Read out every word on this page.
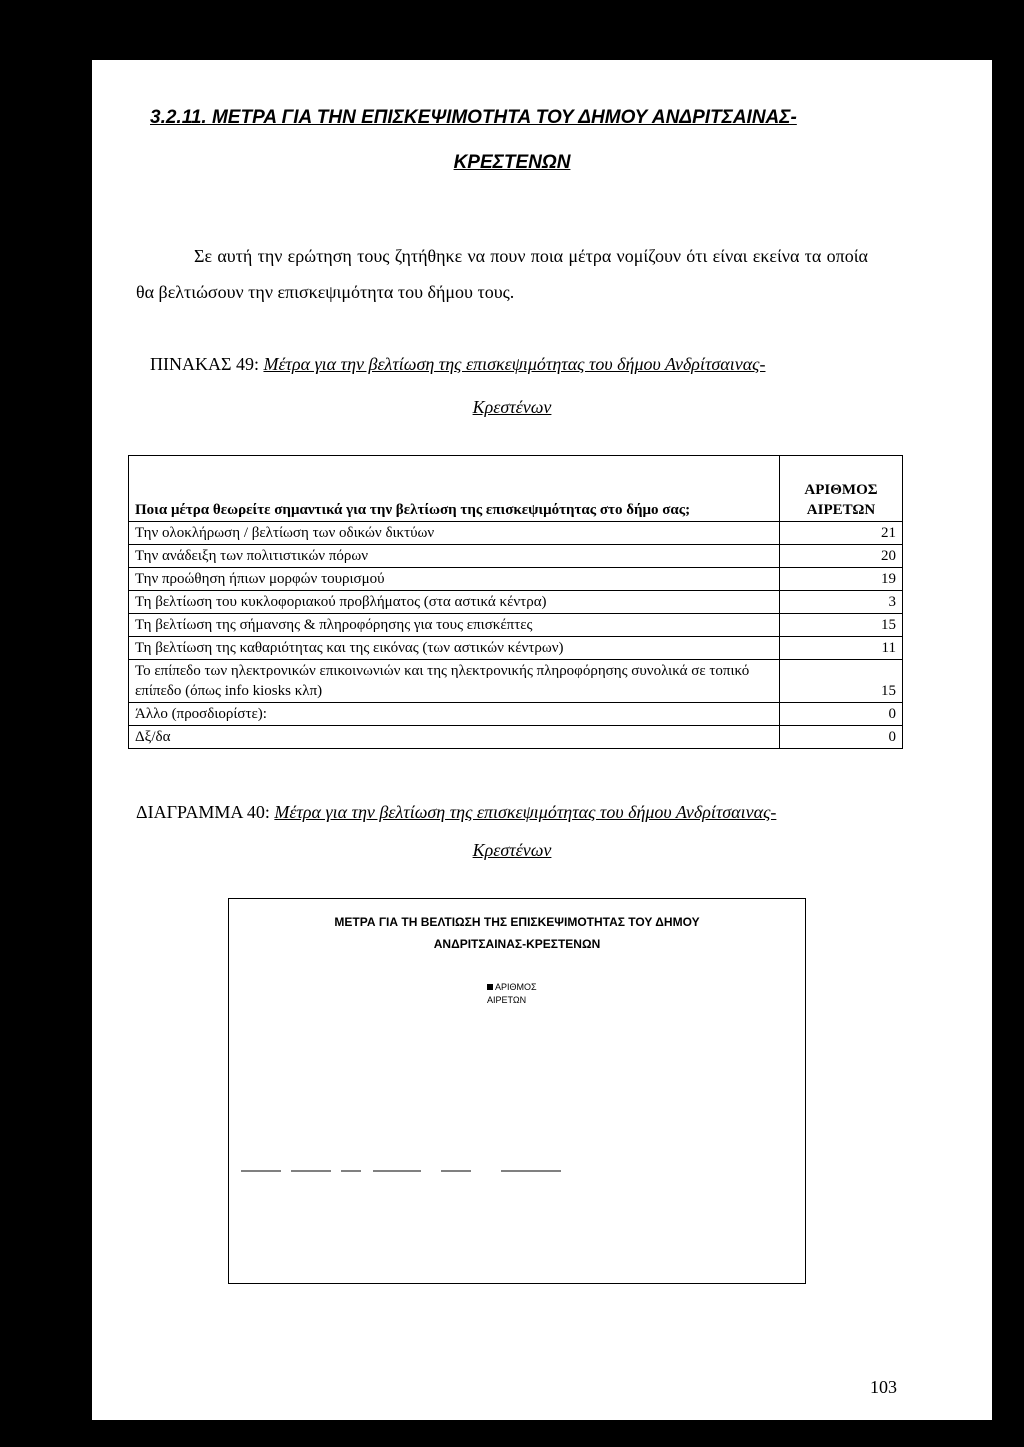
3.2.11. ΜΕΤΡΑ ΓΙΑ ΤΗΝ ΕΠΙΣΚΕΨΙΜΟΤΗΤΑ ΤΟΥ ΔΗΜΟΥ ΑΝΔΡΙΤΣΑΙΝΑΣ-
ΚΡΕΣΤΕΝΩΝ
Σε αυτή την ερώτηση τους ζητήθηκε να πουν ποια μέτρα νομίζουν ότι είναι εκείνα τα οποία θα βελτιώσουν την επισκεψιμότητα του δήμου τους.
ΠΙΝΑΚΑΣ 49: Μέτρα για την βελτίωση της επισκεψιμότητας του δήμου Ανδρίτσαινας-
Κρεστένων
Ποια μέτρα θεωρείτε σημαντικά για την βελτίωση της επισκεψιμότητας στο δήμο σας;	ΑΡΙΘΜΟΣ ΑΙΡΕΤΩΝ
Την ολοκλήρωση / βελτίωση των οδικών δικτύων	21
Την ανάδειξη των πολιτιστικών πόρων	20
Την προώθηση ήπιων μορφών τουρισμού	19
Τη βελτίωση του κυκλοφοριακού προβλήματος (στα αστικά κέντρα)	3
Τη βελτίωση της σήμανσης & πληροφόρησης για τους επισκέπτες	15
Τη βελτίωση της καθαριότητας και της εικόνας (των αστικών κέντρων)	11
Το επίπεδο των ηλεκτρονικών επικοινωνιών και της ηλεκτρονικής πληροφόρησης συνολικά σε τοπικό επίπεδο (όπως info kiosks κλπ)	15
Άλλο (προσδιορίστε):	0
Δξ/δα	0
ΔΙΑΓΡΑΜΜΑ 40: Μέτρα για την βελτίωση της επισκεψιμότητας του δήμου Ανδρίτσαινας-
Κρεστένων
ΜΕΤΡΑ ΓΙΑ ΤΗ ΒΕΛΤΙΩΣΗ ΤΗΣ ΕΠΙΣΚΕΨΙΜΟΤΗΤΑΣ ΤΟΥ ΔΗΜΟΥ
ΑΝΔΡΙΤΣΑΙΝΑΣ-ΚΡΕΣΤΕΝΩΝ
ΑΡΙΘΜΟΣ
ΑΙΡΕΤΩΝ
103
